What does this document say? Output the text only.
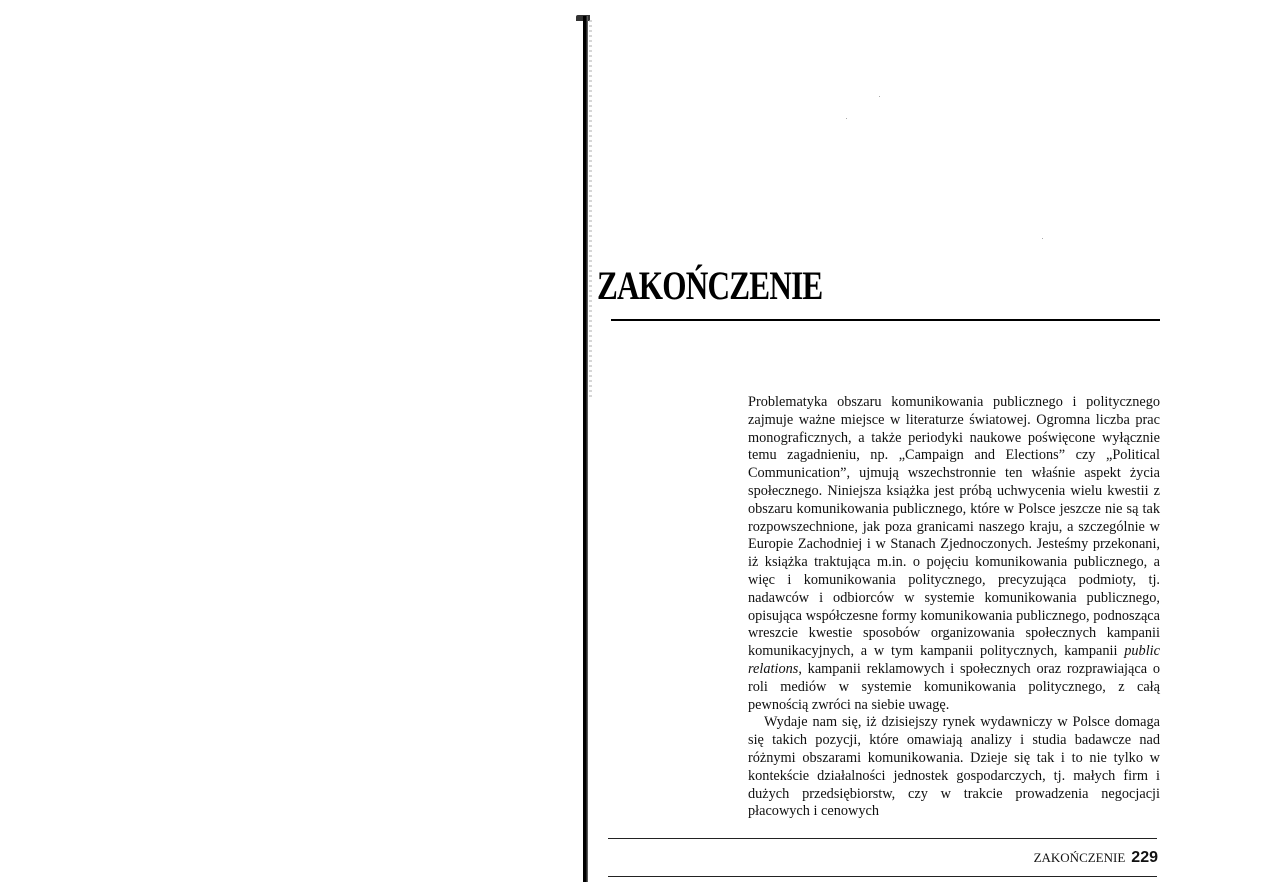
ZAKOŃCZENIE

Problematyka obszaru komunikowania publicznego i politycznego zajmuje ważne miejsce w literaturze światowej. Ogromna liczba prac monograficznych, a także periodyki naukowe poświęcone wyłącznie temu zagadnieniu, np. „Campaign and Elections” czy „Political Communication”, ujmują wszechstronnie ten właśnie aspekt życia społecznego. Niniejsza książka jest próbą uchwycenia wielu kwestii z obszaru komunikowania publicznego, które w Polsce jeszcze nie są tak rozpowszechnione, jak poza granicami naszego kraju, a szczególnie w Europie Zachodniej i w Stanach Zjednoczonych. Jesteśmy przekonani, iż książka traktująca m.in. o pojęciu komunikowania publicznego, a więc i komunikowania politycznego, precyzująca podmioty, tj. nadawców i odbiorców w systemie komunikowania publicznego, opisująca współczesne formy komunikowania publicznego, podnosząca wreszcie kwestie sposobów organizowania społecznych kampanii komunikacyjnych, a w tym kampanii politycznych, kampanii public relations, kampanii reklamowych i społecznych oraz rozprawiająca o roli mediów w systemie komunikowania politycznego, z całą pewnością zwróci na siebie uwagę.

Wydaje nam się, iż dzisiejszy rynek wydawniczy w Polsce domaga się takich pozycji, które omawiają analizy i studia badawcze nad różnymi obszarami komunikowania. Dzieje się tak i to nie tylko w kontekście działalności jednostek gospodarczych, tj. małych firm i dużych przedsiębiorstw, czy w trakcie prowadzenia negocjacji płacowych i cenowych

ZAKOŃCZENIE 229
